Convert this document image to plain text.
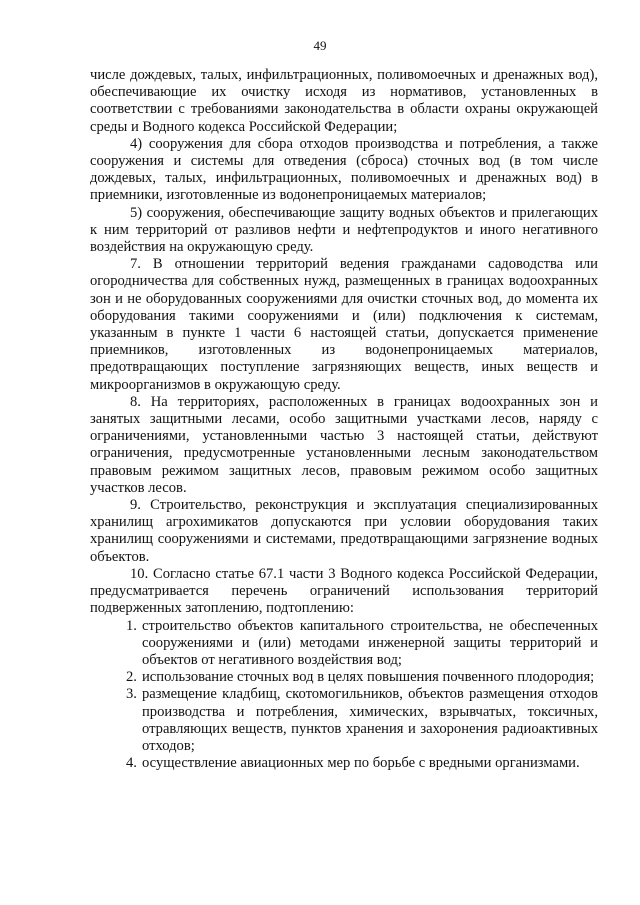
49

числе дождевых, талых, инфильтрационных, поливомоечных и дренажных вод), обеспечивающие их очистку исходя из нормативов, установленных в соответствии с требованиями законодательства в области охраны окружающей среды и Водного кодекса Российской Федерации;

4) сооружения для сбора отходов производства и потребления, а также сооружения и системы для отведения (сброса) сточных вод (в том числе дождевых, талых, инфильтрационных, поливомоечных и дренажных вод) в приемники, изготовленные из водонепроницаемых материалов;

5) сооружения, обеспечивающие защиту водных объектов и прилегающих к ним территорий от разливов нефти и нефтепродуктов и иного негативного воздействия на окружающую среду.

7. В отношении территорий ведения гражданами садоводства или огородничества для собственных нужд, размещенных в границах водоохранных зон и не оборудованных сооружениями для очистки сточных вод, до момента их оборудования такими сооружениями и (или) подключения к системам, указанным в пункте 1 части 6 настоящей статьи, допускается применение приемников, изготовленных из водонепроницаемых материалов, предотвращающих поступление загрязняющих веществ, иных веществ и микроорганизмов в окружающую среду.

8. На территориях, расположенных в границах водоохранных зон и занятых защитными лесами, особо защитными участками лесов, наряду с ограничениями, установленными частью 3 настоящей статьи, действуют ограничения, предусмотренные установленными лесным законодательством правовым режимом защитных лесов, правовым режимом особо защитных участков лесов.

9. Строительство, реконструкция и эксплуатация специализированных хранилищ агрохимикатов допускаются при условии оборудования таких хранилищ сооружениями и системами, предотвращающими загрязнение водных объектов.

10. Согласно статье 67.1 части 3 Водного кодекса Российской Федерации, предусматривается перечень ограничений использования территорий подверженных затоплению, подтоплению:

1. строительство объектов капитального строительства, не обеспеченных сооружениями и (или) методами инженерной защиты территорий и объектов от негативного воздействия вод;
2. использование сточных вод в целях повышения почвенного плодородия;
3. размещение кладбищ, скотомогильников, объектов размещения отходов производства и потребления, химических, взрывчатых, токсичных, отравляющих веществ, пунктов хранения и захоронения радиоактивных отходов;
4. осуществление авиационных мер по борьбе с вредными организмами.
